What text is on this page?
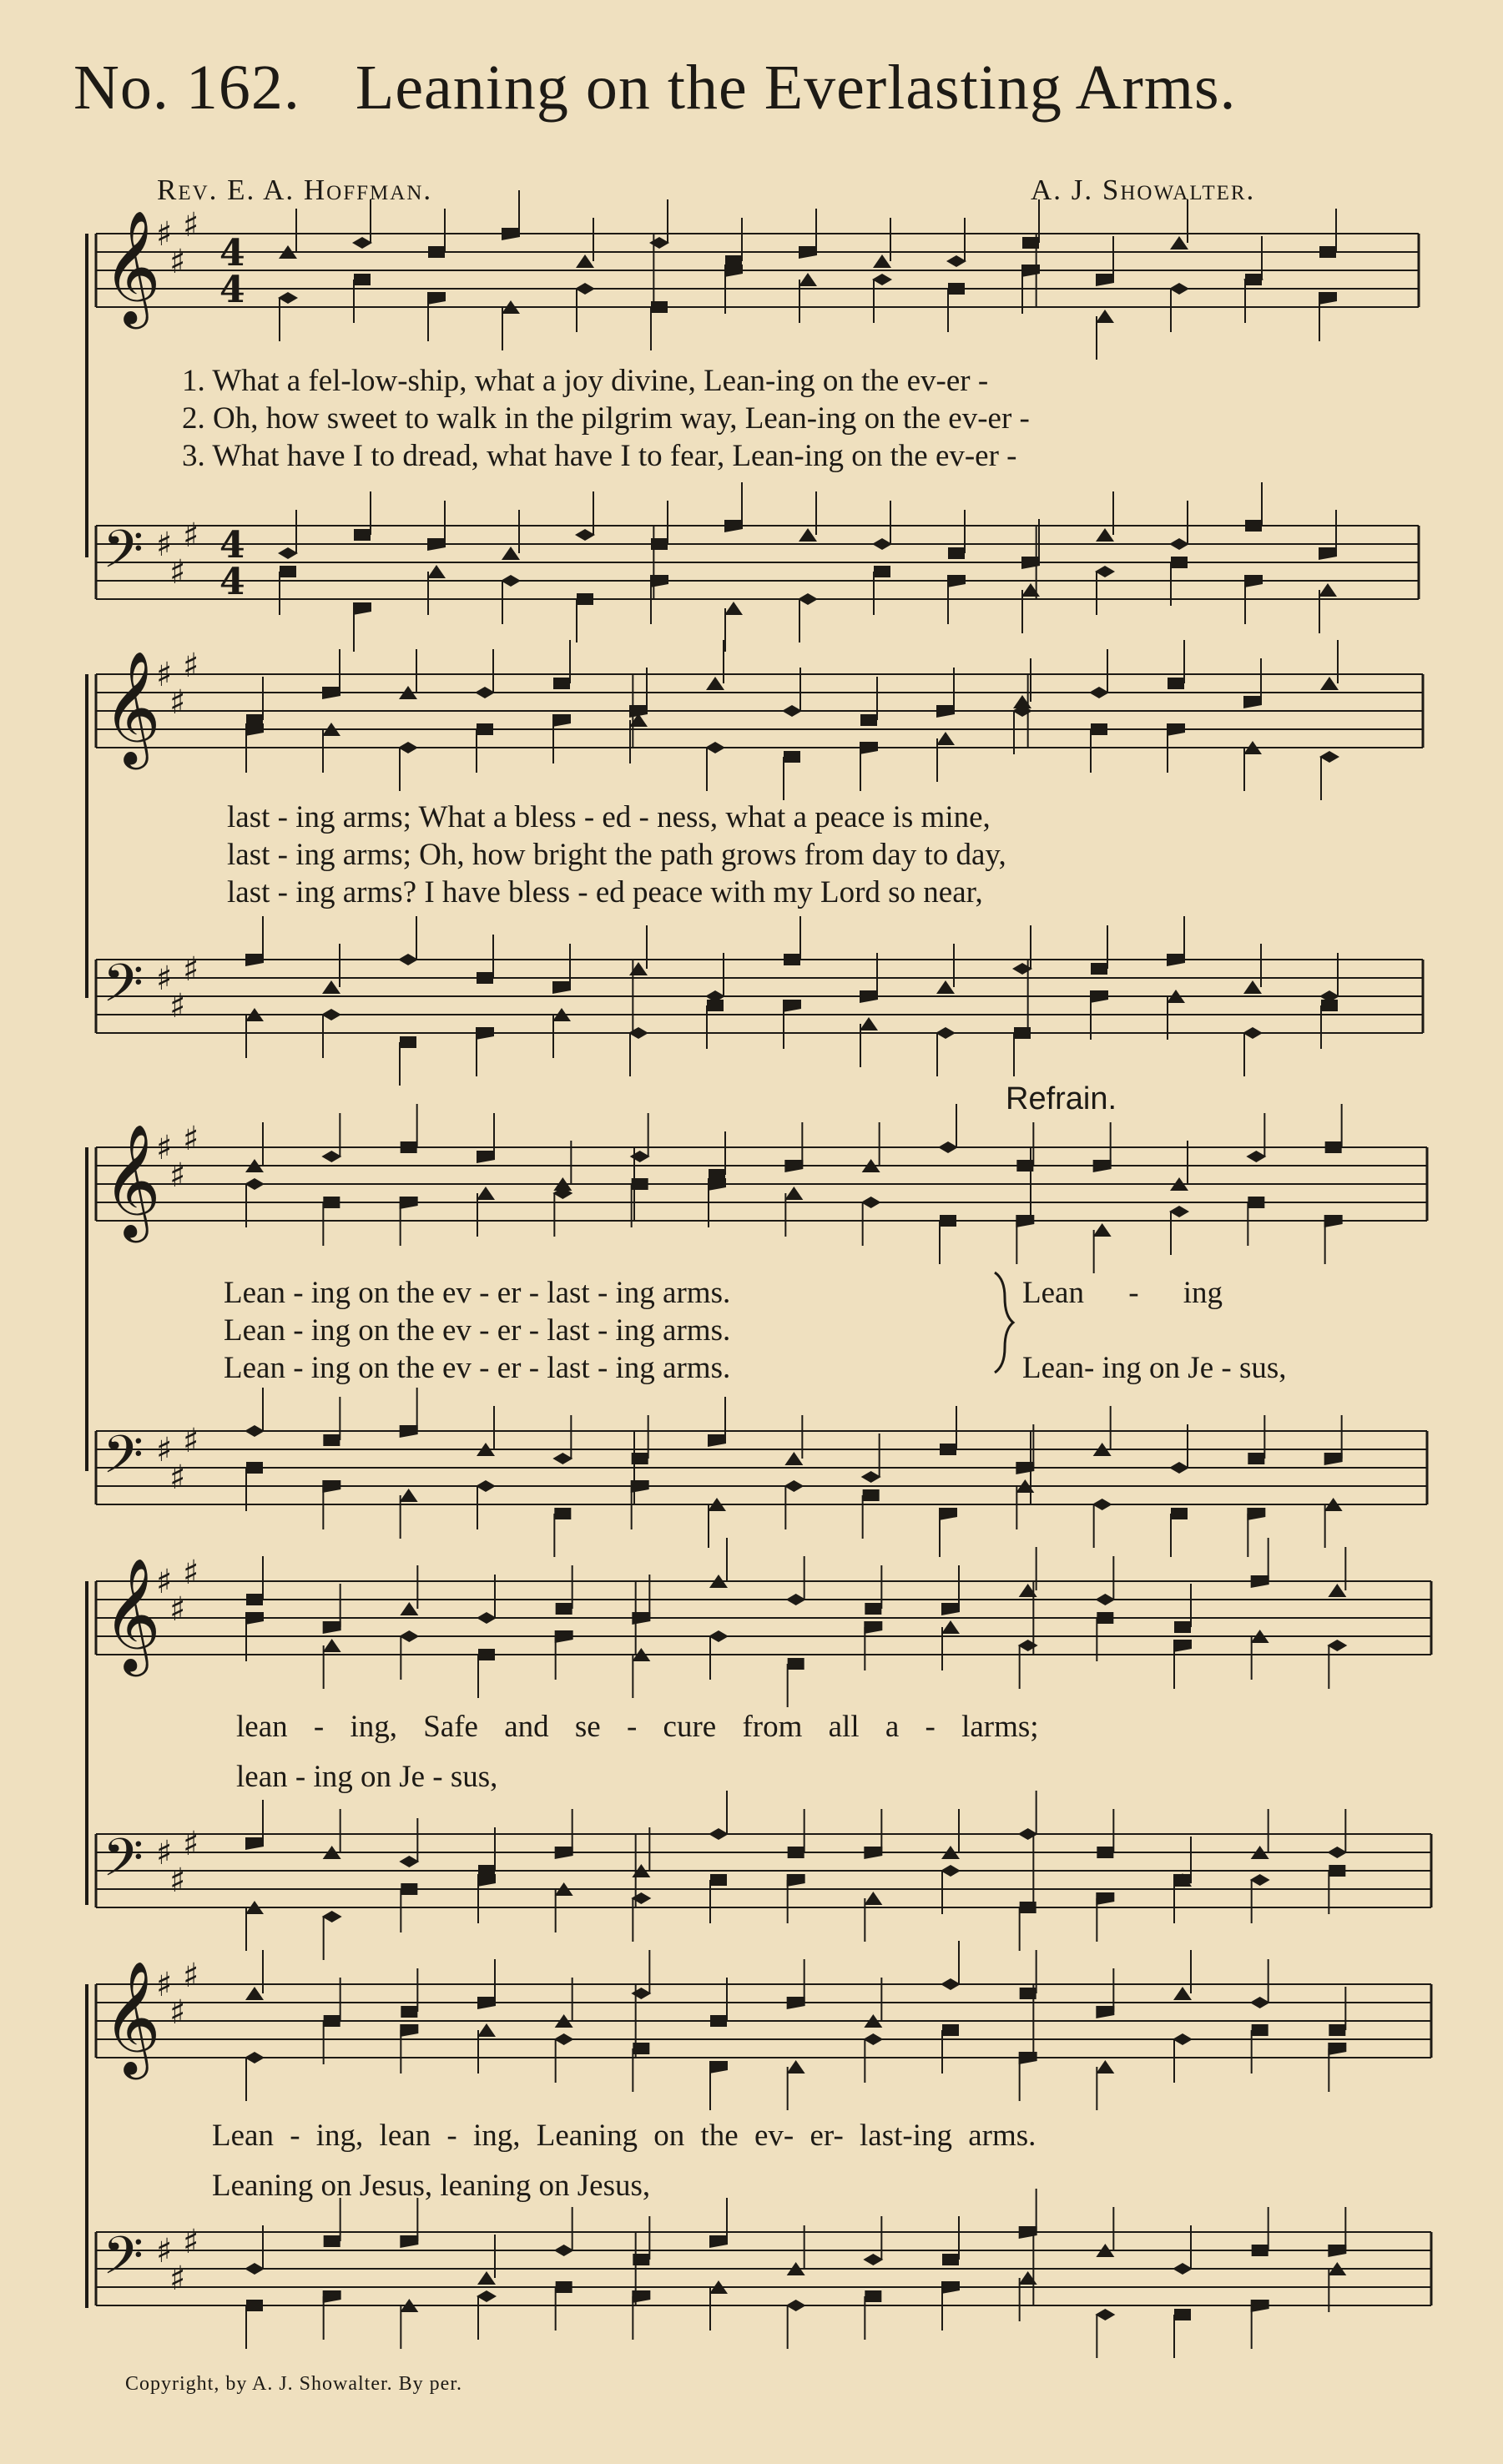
No. 162. Leaning on the Everlasting Arms.
Rev. E. A. Hoffman.	A. J. Showalter.
𝄞
♯
♯
♯
4
4
𝄢 ♯
♯
♯ 4
4
1. What a fel-low-ship, what a joy divine, Lean-ing on the ev-er -
2. Oh, how sweet to walk in the pilgrim way, Lean-ing on the ev-er -
3. What have I to dread, what have I to fear, Lean-ing on the ev-er -
𝄞
♯
♯
♯
𝄢 ♯
♯
♯
last - ing arms; What a bless - ed - ness, what a peace is mine,
last - ing arms; Oh, how bright the path grows from day to day,
last - ing arms? I have bless - ed peace with my Lord so near,
Refrain.
𝄞
♯
♯
♯
𝄢 ♯
♯
♯
Lean - ing on the ev - er - last - ing arms.
Lean - ing on the ev - er - last - ing arms.
Lean - ing on the ev - er - last - ing arms.
Lean - ing
Lean- ing on Je - sus,
𝄞
♯
♯
♯
𝄢 ♯
♯
♯
lean - ing, Safe and se - cure from all a - larms;
lean - ing on Je - sus,
𝄞
♯
♯
♯
𝄢 ♯
♯
♯
Lean - ing, lean - ing, Leaning on the ev- er- last-ing arms.
Leaning on Jesus, leaning on Jesus,
Copyright, by A. J. Showalter. By per.
